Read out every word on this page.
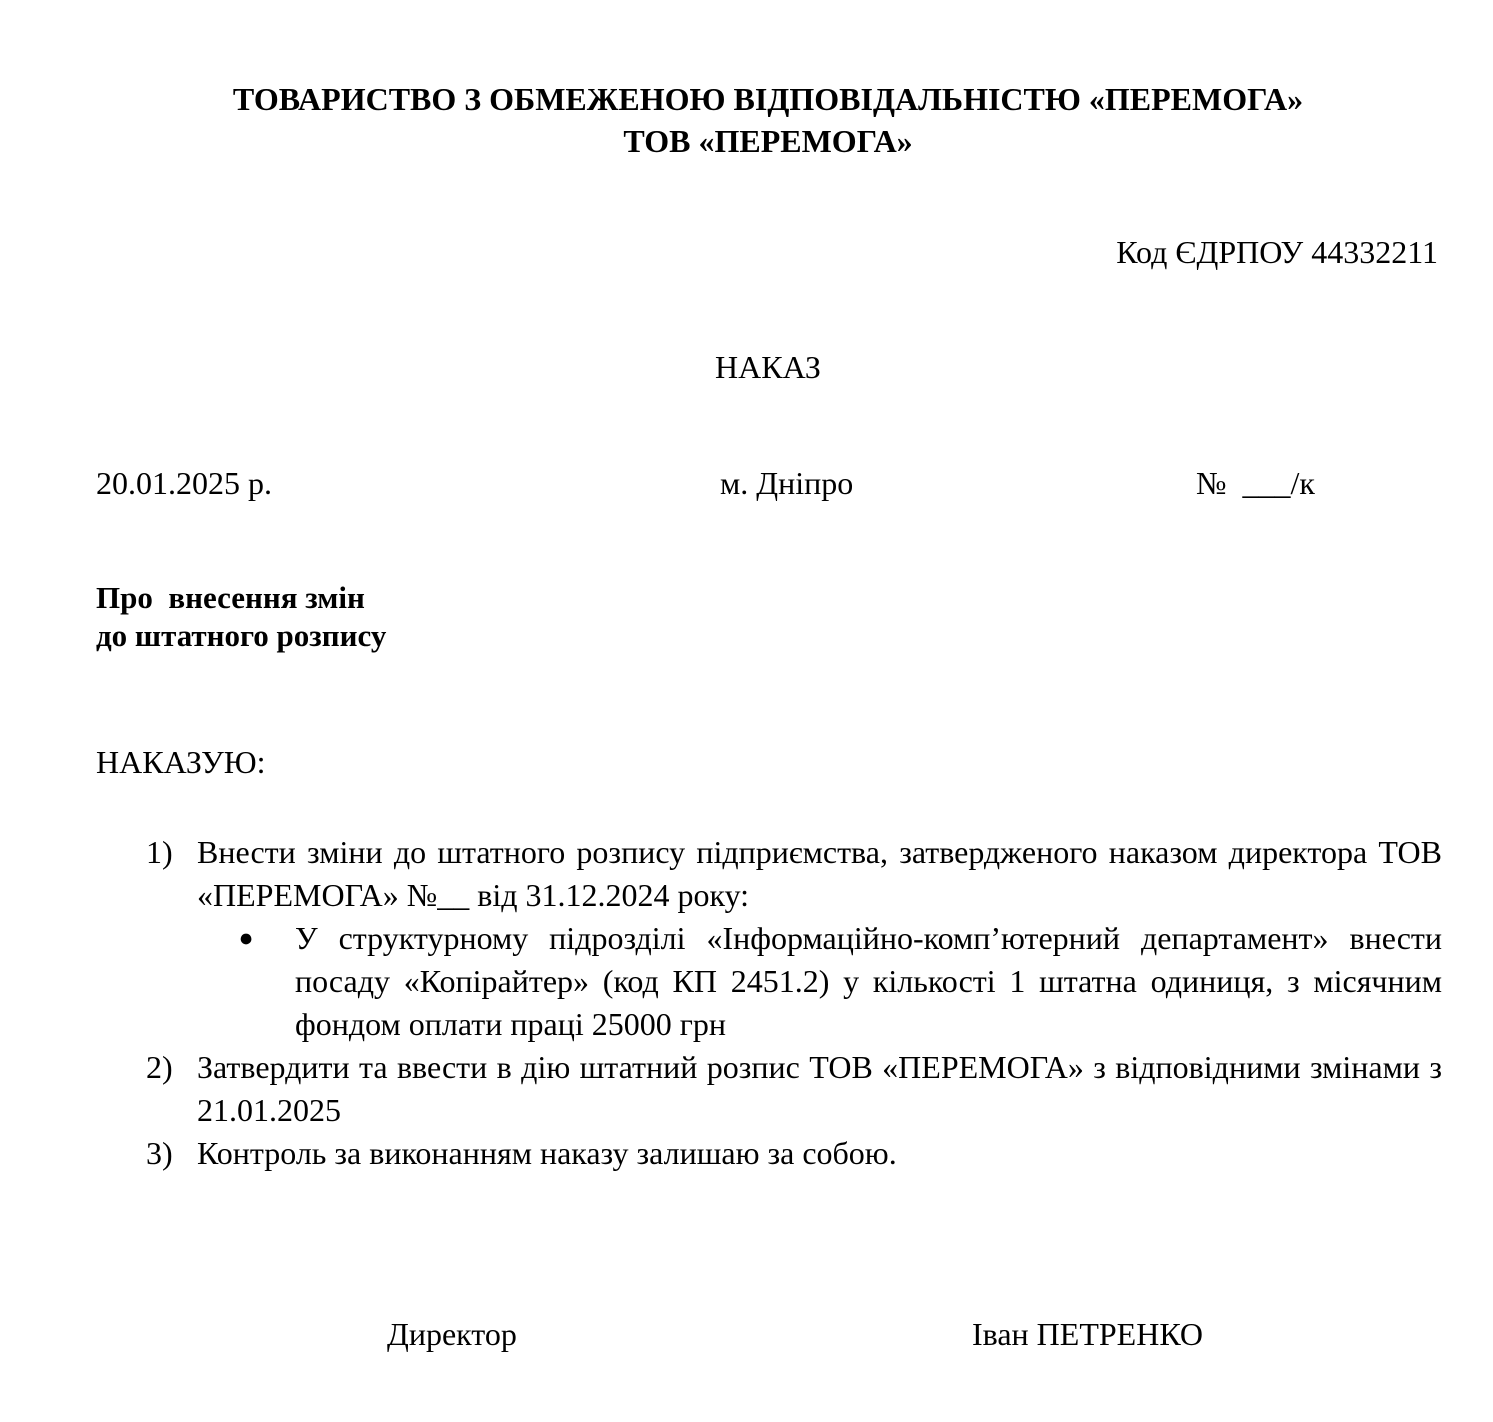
ТОВАРИСТВО З ОБМЕЖЕНОЮ ВІДПОВІДАЛЬНІСТЮ «ПЕРЕМОГА»
ТОВ «ПЕРЕМОГА»
Код ЄДРПОУ 44332211
НАКАЗ
20.01.2025 р.	м. Дніпро	№  ___/к
Про  внесення змін
до штатного розпису
НАКАЗУЮ:
1) Внести зміни до штатного розпису підприємства, затвердженого наказом директора ТОВ «ПЕРЕМОГА» №__ від 31.12.2024 року:
●	У структурному підрозділі «Інформаційно-комп’ютерний департамент» внести посаду «Копірайтер» (код КП 2451.2) у кількості 1 штатна одиниця, з місячним фондом оплати праці 25000 грн
2) Затвердити та ввести в дію штатний розпис ТОВ «ПЕРЕМОГА» з відповідними змінами з 21.01.2025
3) Контроль за виконанням наказу залишаю за собою.
Директор	Іван ПЕТРЕНКО
